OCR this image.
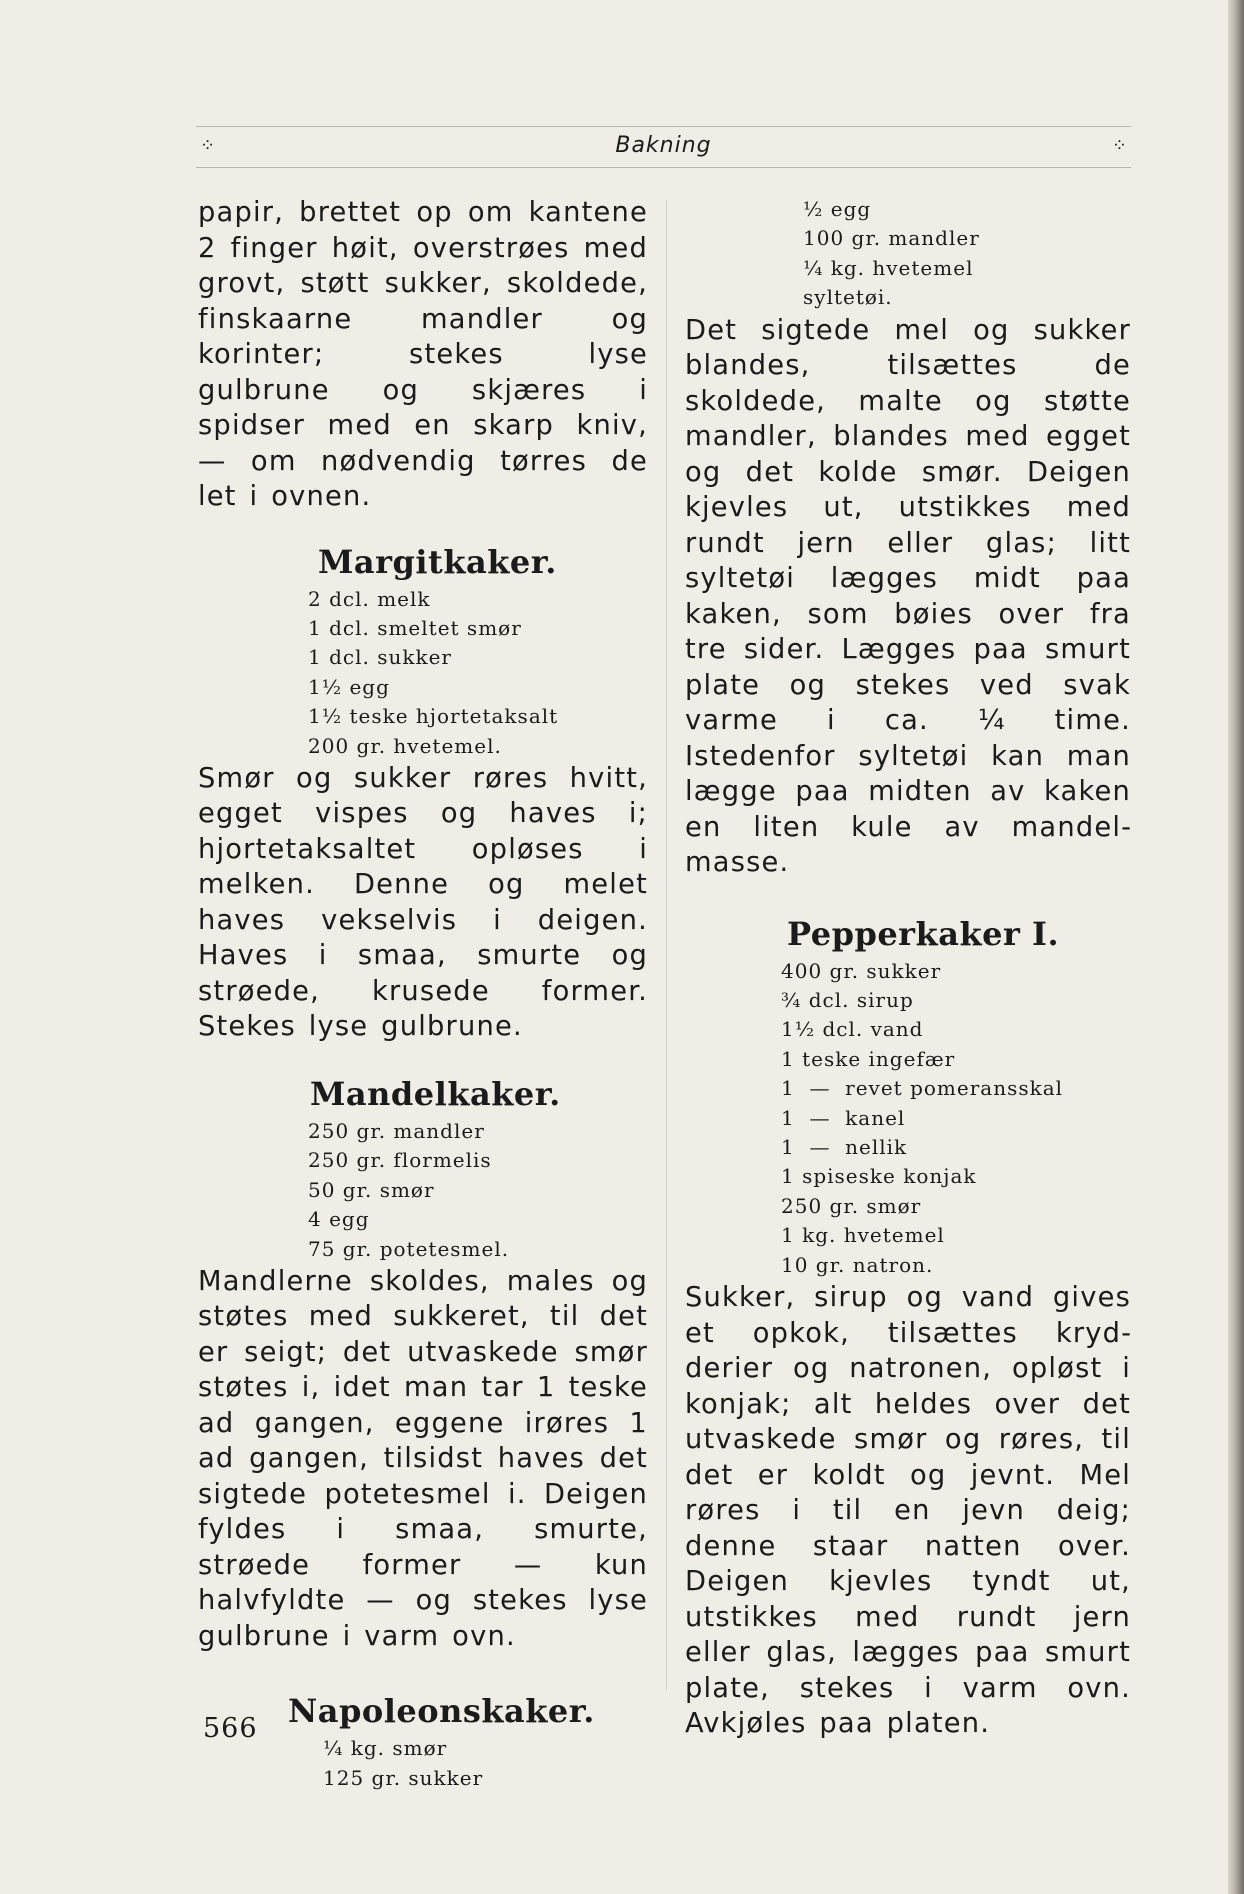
⁘	Bakning	⁘

papir, brettet op om kantene 2 finger høit, overstrøes med grovt, støtt sukker, skoldede, finskaarne mandler og korinter; stekes lyse gulbrune og skjæres i spidser med en skarp kniv, — om nødvendig tørres de let i ovnen.

Margitkaker.
2 dcl. melk
1 dcl. smeltet smør
1 dcl. sukker
1½ egg
1½ teske hjortetaksalt
200 gr. hvetemel.

Smør og sukker røres hvitt, egget vispes og haves i; hjortetaksaltet opløses i melken. Denne og melet haves vekselvis i deigen. Haves i smaa, smurte og strøede, krusede former. Stekes lyse gulbrune.

Mandelkaker.
250 gr. mandler
250 gr. flormelis
50 gr. smør
4 egg
75 gr. potetesmel.

Mandlerne skoldes, males og støtes med sukkeret, til det er seigt; det utvaskede smør støtes i, idet man tar 1 teske ad gangen, eggene irøres 1 ad gangen, tilsidst haves det sigtede potetesmel i. Deigen fyldes i smaa, smurte, strøede former — kun halvfyldte — og stekes lyse gulbrune i varm ovn.

Napoleonskaker.
¼ kg. smør
125 gr. sukker
½ egg
100 gr. mandler
¼ kg. hvetemel
syltetøi.

Det sigtede mel og sukker blandes, tilsættes de skoldede, malte og støtte mandler, blandes med egget og det kolde smør. Deigen kjevles ut, utstikkes med rundt jern eller glas; litt syltetøi lægges midt paa kaken, som bøies over fra tre sider. Lægges paa smurt plate og stekes ved svak varme i ca. ¼ time. Istedenfor syltetøi kan man lægge paa midten av kaken en liten kule av mandelmasse.

Pepperkaker I.
400 gr. sukker
¾ dcl. sirup
1½ dcl. vand
1 teske ingefær
1  —  revet pomeransskal
1  —  kanel
1  —  nellik
1 spiseske konjak
250 gr. smør
1 kg. hvetemel
10 gr. natron.

Sukker, sirup og vand gives et opkok, tilsættes krydderier og natronen, opløst i konjak; alt heldes over det utvaskede smør og røres, til det er koldt og jevnt. Mel røres i til en jevn deig; denne staar natten over. Deigen kjevles tyndt ut, utstikkes med rundt jern eller glas, lægges paa smurt plate, stekes i varm ovn. Avkjøles paa platen.

566
